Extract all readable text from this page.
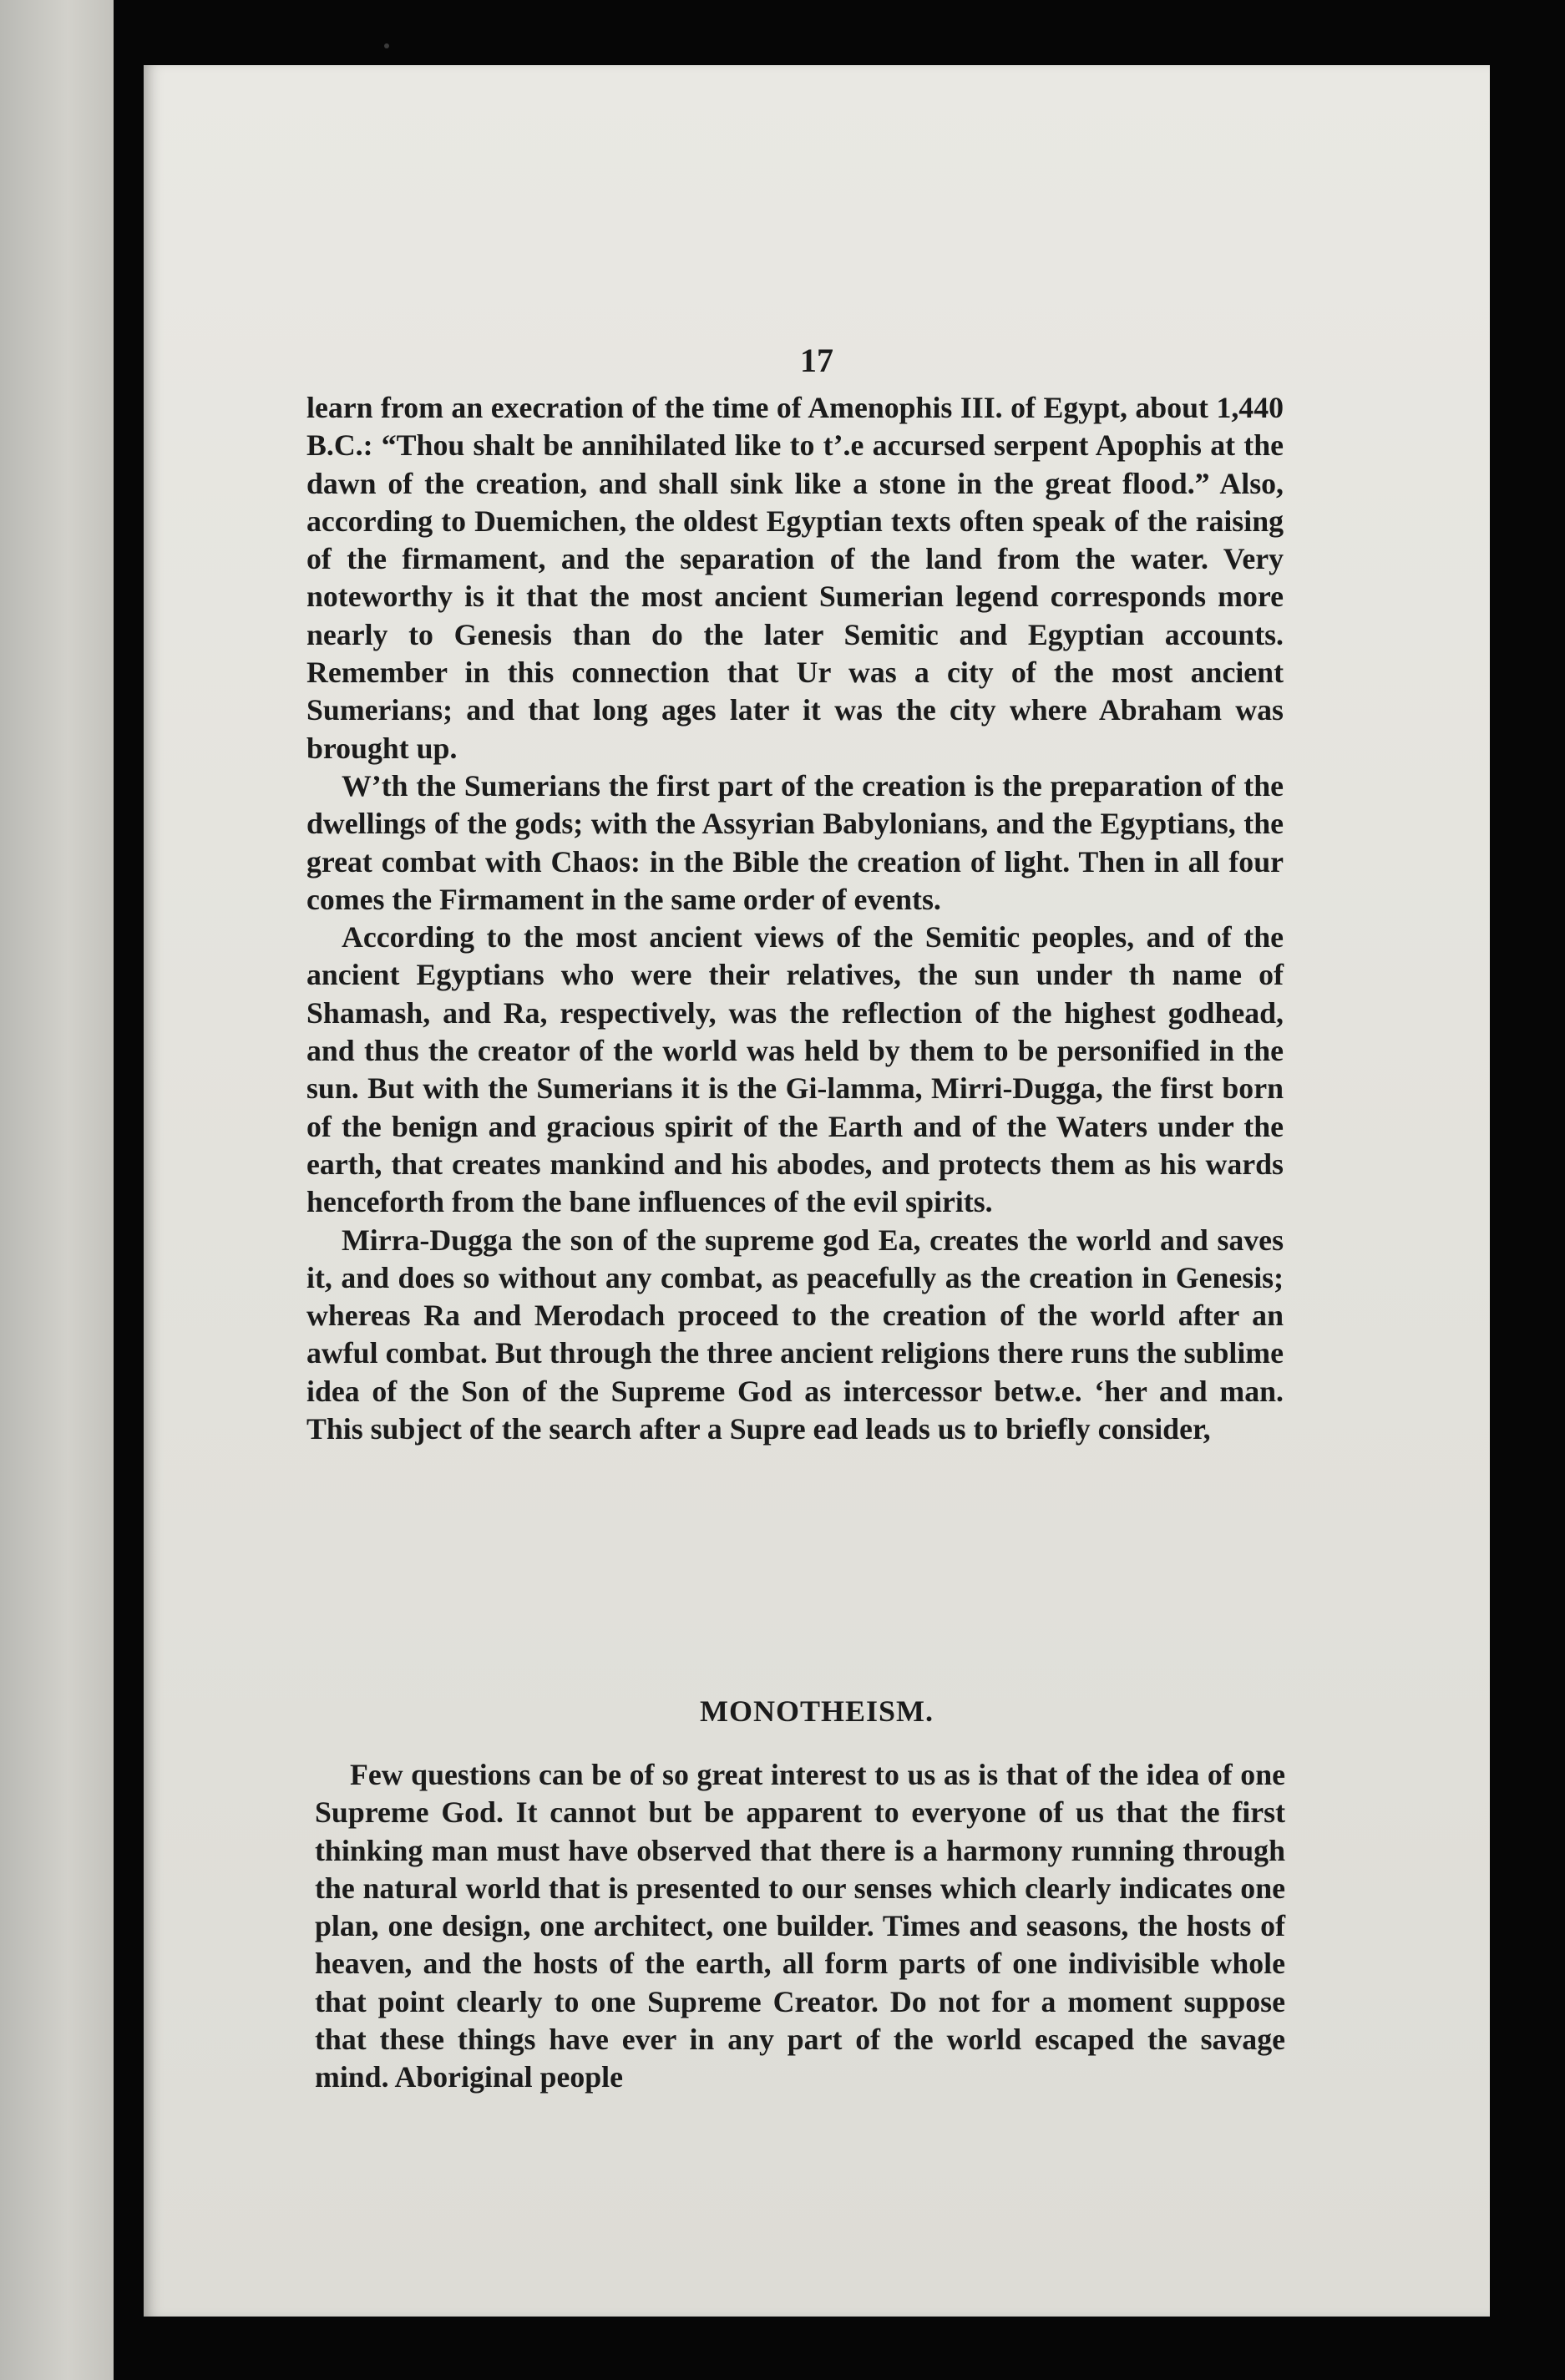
17

learn from an execration of the time of Amenophis III. of Egypt, about 1,440 B.C.: “Thou shalt be annihilated like to t’.e accursed serpent Apophis at the dawn of the creation, and shall sink like a stone in the great flood.” Also, according to Duemichen, the oldest Egyptian texts often speak of the raising of the firmament, and the separation of the land from the water. Very noteworthy is it that the most ancient Sumerian legend corresponds more nearly to Genesis than do the later Semitic and Egyptian accounts. Remember in this connection that Ur was a city of the most ancient Sumerians; and that long ages later it was the city where Abraham was brought up.

W’th the Sumerians the first part of the creation is the preparation of the dwellings of the gods; with the Assyrian Babylonians, and the Egyptians, the great combat with Chaos: in the Bible the creation of light. Then in all four comes the Firmament in the same order of events.

According to the most ancient views of the Semitic peoples, and of the ancient Egyptians who were their relatives, the sun under th name of Shamash, and Ra, respectively, was the reflection of the highest godhead, and thus the creator of the world was held by them to be personified in the sun. But with the Sumerians it is the Gi-lamma, Mirri-Dugga, the first born of the benign and gracious spirit of the Earth and of the Waters under the earth, that creates mankind and his abodes, and protects them as his wards henceforth from the bane influences of the evil spirits.

Mirra-Dugga the son of the supreme god Ea, creates the world and saves it, and does so without any combat, as peacefully as the creation in Genesis; whereas Ra and Merodach proceed to the creation of the world after an awful combat. But through the three ancient religions there runs the sublime idea of the Son of the Supreme God as intercessor betw.e. ‘her and man. This subject of the search after a Supre ead leads us to briefly consider,

MONOTHEISM.

Few questions can be of so great interest to us as is that of the idea of one Supreme God. It cannot but be apparent to everyone of us that the first thinking man must have observed that there is a harmony running through the natural world that is presented to our senses which clearly indicates one plan, one design, one architect, one builder. Times and seasons, the hosts of heaven, and the hosts of the earth, all form parts of one indivisible whole that point clearly to one Supreme Creator. Do not for a moment suppose that these things have ever in any part of the world escaped the savage mind. Aboriginal people
